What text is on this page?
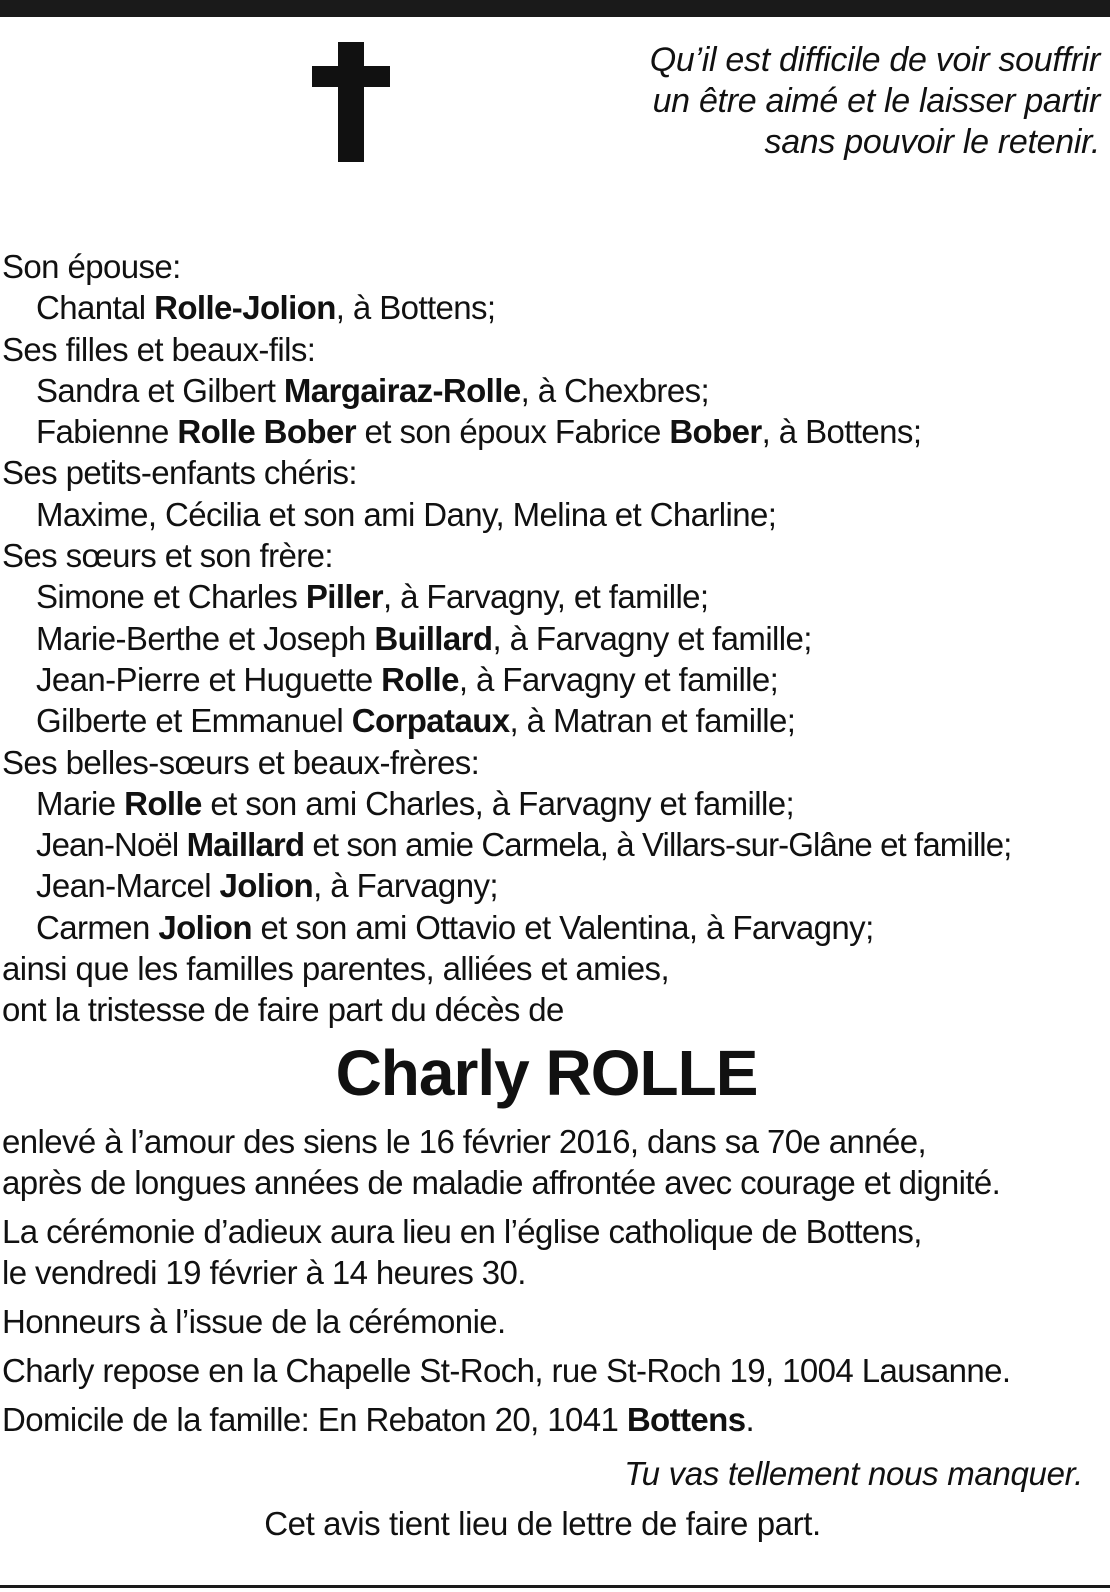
Qu’il est difficile de voir souffrir
un être aimé et le laisser partir
sans pouvoir le retenir.
Son épouse:
Chantal Rolle-Jolion, à Bottens;
Ses filles et beaux-fils:
Sandra et Gilbert Margairaz-Rolle, à Chexbres;
Fabienne Rolle Bober et son époux Fabrice Bober, à Bottens;
Ses petits-enfants chéris:
Maxime, Cécilia et son ami Dany, Melina et Charline;
Ses sœurs et son frère:
Simone et Charles Piller, à Farvagny, et famille;
Marie-Berthe et Joseph Buillard, à Farvagny et famille;
Jean-Pierre et Huguette Rolle, à Farvagny et famille;
Gilberte et Emmanuel Corpataux, à Matran et famille;
Ses belles-sœurs et beaux-frères:
Marie Rolle et son ami Charles, à Farvagny et famille;
Jean-Noël Maillard et son amie Carmela, à Villars-sur-Glâne et famille;
Jean-Marcel Jolion, à Farvagny;
Carmen Jolion et son ami Ottavio et Valentina, à Farvagny;
ainsi que les familles parentes, alliées et amies,
ont la tristesse de faire part du décès de
Charly ROLLE
enlevé à l’amour des siens le 16 février 2016, dans sa 70e année,
après de longues années de maladie affrontée avec courage et dignité.
La cérémonie d’adieux aura lieu en l’église catholique de Bottens,
le vendredi 19 février à 14 heures 30.
Honneurs à l’issue de la cérémonie.
Charly repose en la Chapelle St-Roch, rue St-Roch 19, 1004 Lausanne.
Domicile de la famille: En Rebaton 20, 1041 Bottens.
Tu vas tellement nous manquer.
Cet avis tient lieu de lettre de faire part.
